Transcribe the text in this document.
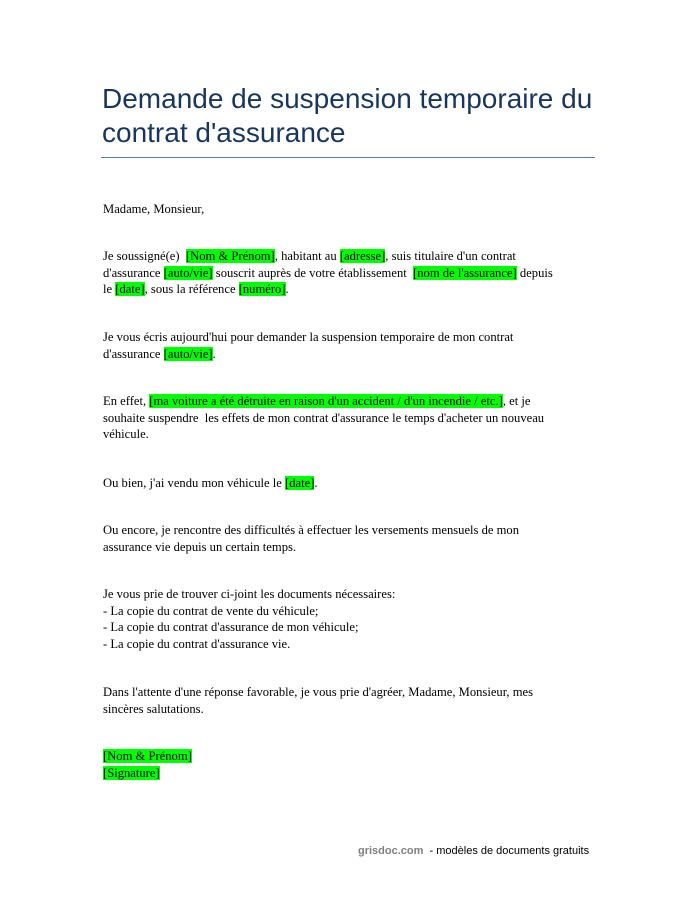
Demande de suspension temporaire du
contrat d'assurance
Madame, Monsieur,
Je soussigné(e)  [Nom & Prénom], habitant au [adresse], suis titulaire d'un contrat
d'assurance [auto/vie] souscrit auprès de votre établissement  [nom de l'assurance] depuis
le [date], sous la référence [numéro].
Je vous écris aujourd'hui pour demander la suspension temporaire de mon contrat
d'assurance [auto/vie].
En effet, [ma voiture a été détruite en raison d'un accident / d'un incendie / etc.], et je
souhaite suspendre  les effets de mon contrat d'assurance le temps d'acheter un nouveau
véhicule.
Ou bien, j'ai vendu mon véhicule le [date].
Ou encore, je rencontre des difficultés à effectuer les versements mensuels de mon
assurance vie depuis un certain temps.
Je vous prie de trouver ci-joint les documents nécessaires:
- La copie du contrat de vente du véhicule;
- La copie du contrat d'assurance de mon véhicule;
- La copie du contrat d'assurance vie.
Dans l'attente d'une réponse favorable, je vous prie d'agréer, Madame, Monsieur, mes
sincères salutations.
[Nom & Prénom]
[Signature]
grisdoc.com  - modèles de documents gratuits
